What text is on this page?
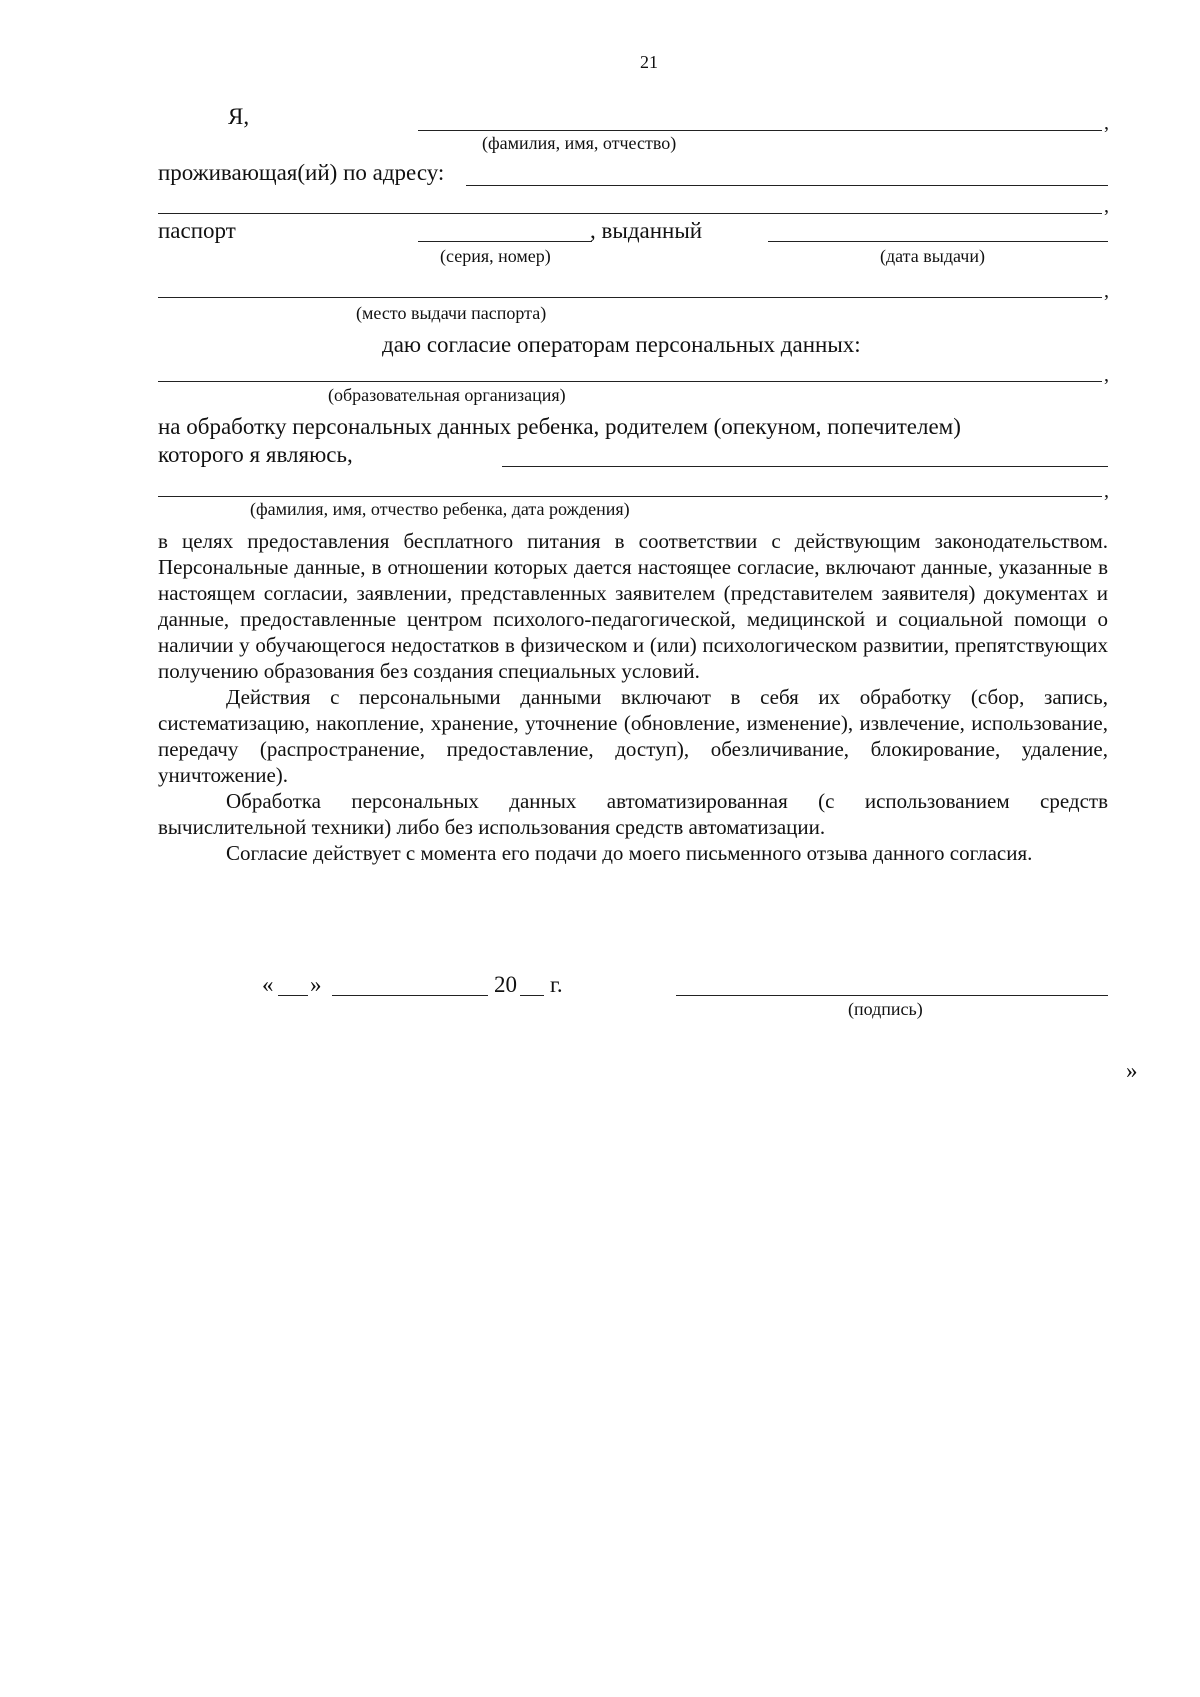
21
Я,	,
(фамилия, имя, отчество)
проживающая(ий) по адресу:
,
паспорт	, выданный
(серия, номер)	(дата выдачи)
,
(место выдачи паспорта)
даю согласие операторам персональных данных:
,
(образовательная организация)
на обработку персональных данных ребенка, родителем (опекуном, попечителем)
которого я являюсь,
,
(фамилия, имя, отчество ребенка, дата рождения)

в целях предоставления бесплатного питания в соответствии с действующим законодательством. Персональные данные, в отношении которых дается настоящее согласие, включают данные, указанные в настоящем согласии, заявлении, представленных заявителем (представителем заявителя) документах и данные, предоставленные центром психолого-педагогической, медицинской и социальной помощи о наличии у обучающегося недостатков в физическом и (или) психологическом развитии, препятствующих получению образования без создания специальных условий.

Действия с персональными данными включают в себя их обработку (сбор, запись, систематизацию, накопление, хранение, уточнение (обновление, изменение), извлечение, использование, передачу (распространение, предоставление, доступ), обезличивание, блокирование, удаление, уничтожение).

Обработка персональных данных автоматизированная (с использованием средств вычислительной техники) либо без использования средств автоматизации.

Согласие действует с момента его подачи до моего письменного отзыва данного согласия.

« »	20 г.
(подпись)
»
